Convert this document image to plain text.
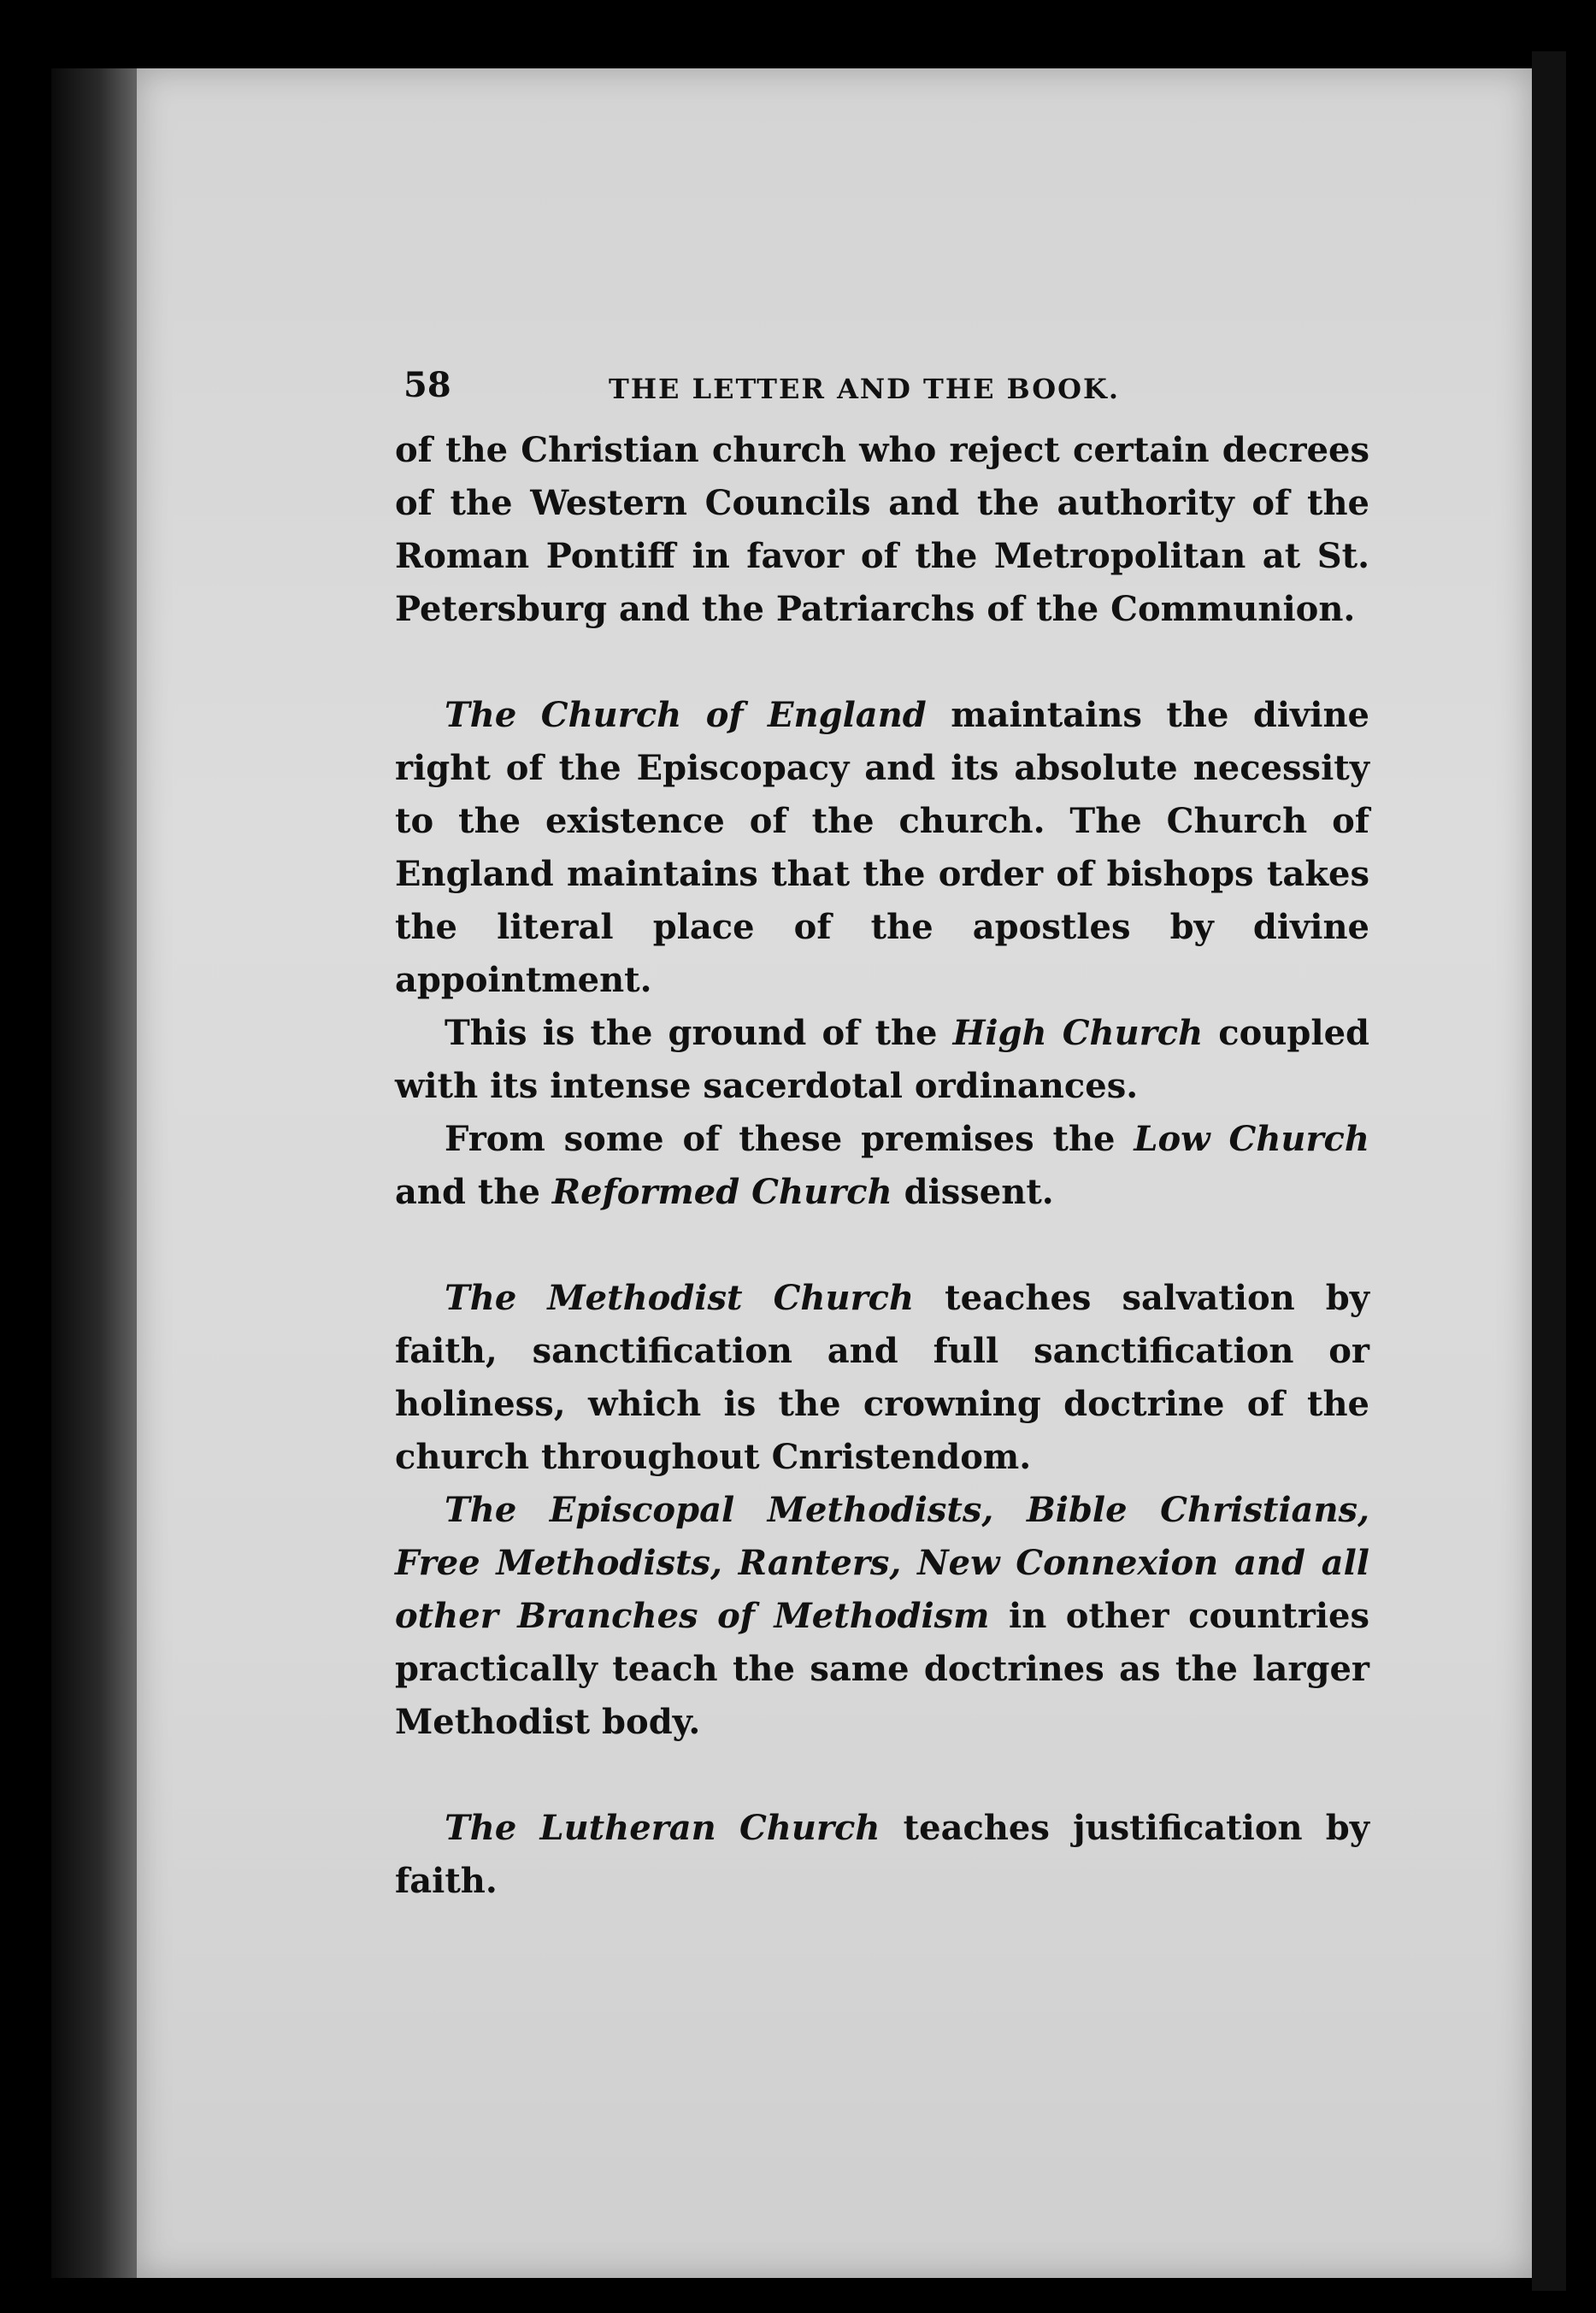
58	THE LETTER AND THE BOOK.

of the Christian church who reject certain decrees of the Western Councils and the authority of the Roman Pontiff in favor of the Metropolitan at St. Petersburg and the Patriarchs of the Communion.

The Church of England maintains the divine right of the Episcopacy and its absolute necessity to the existence of the church. The Church of England maintains that the order of bishops takes the literal place of the apostles by divine appointment.

This is the ground of the High Church coupled with its intense sacerdotal ordinances.

From some of these premises the Low Church and the Reformed Church dissent.

The Methodist Church teaches salvation by faith, sanctification and full sanctification or holiness, which is the crowning doctrine of the church throughout Cnristendom.

The Episcopal Methodists, Bible Christians, Free Methodists, Ranters, New Connexion and all other Branches of Methodism in other countries practically teach the same doctrines as the larger Methodist body.

The Lutheran Church teaches justification by faith.
